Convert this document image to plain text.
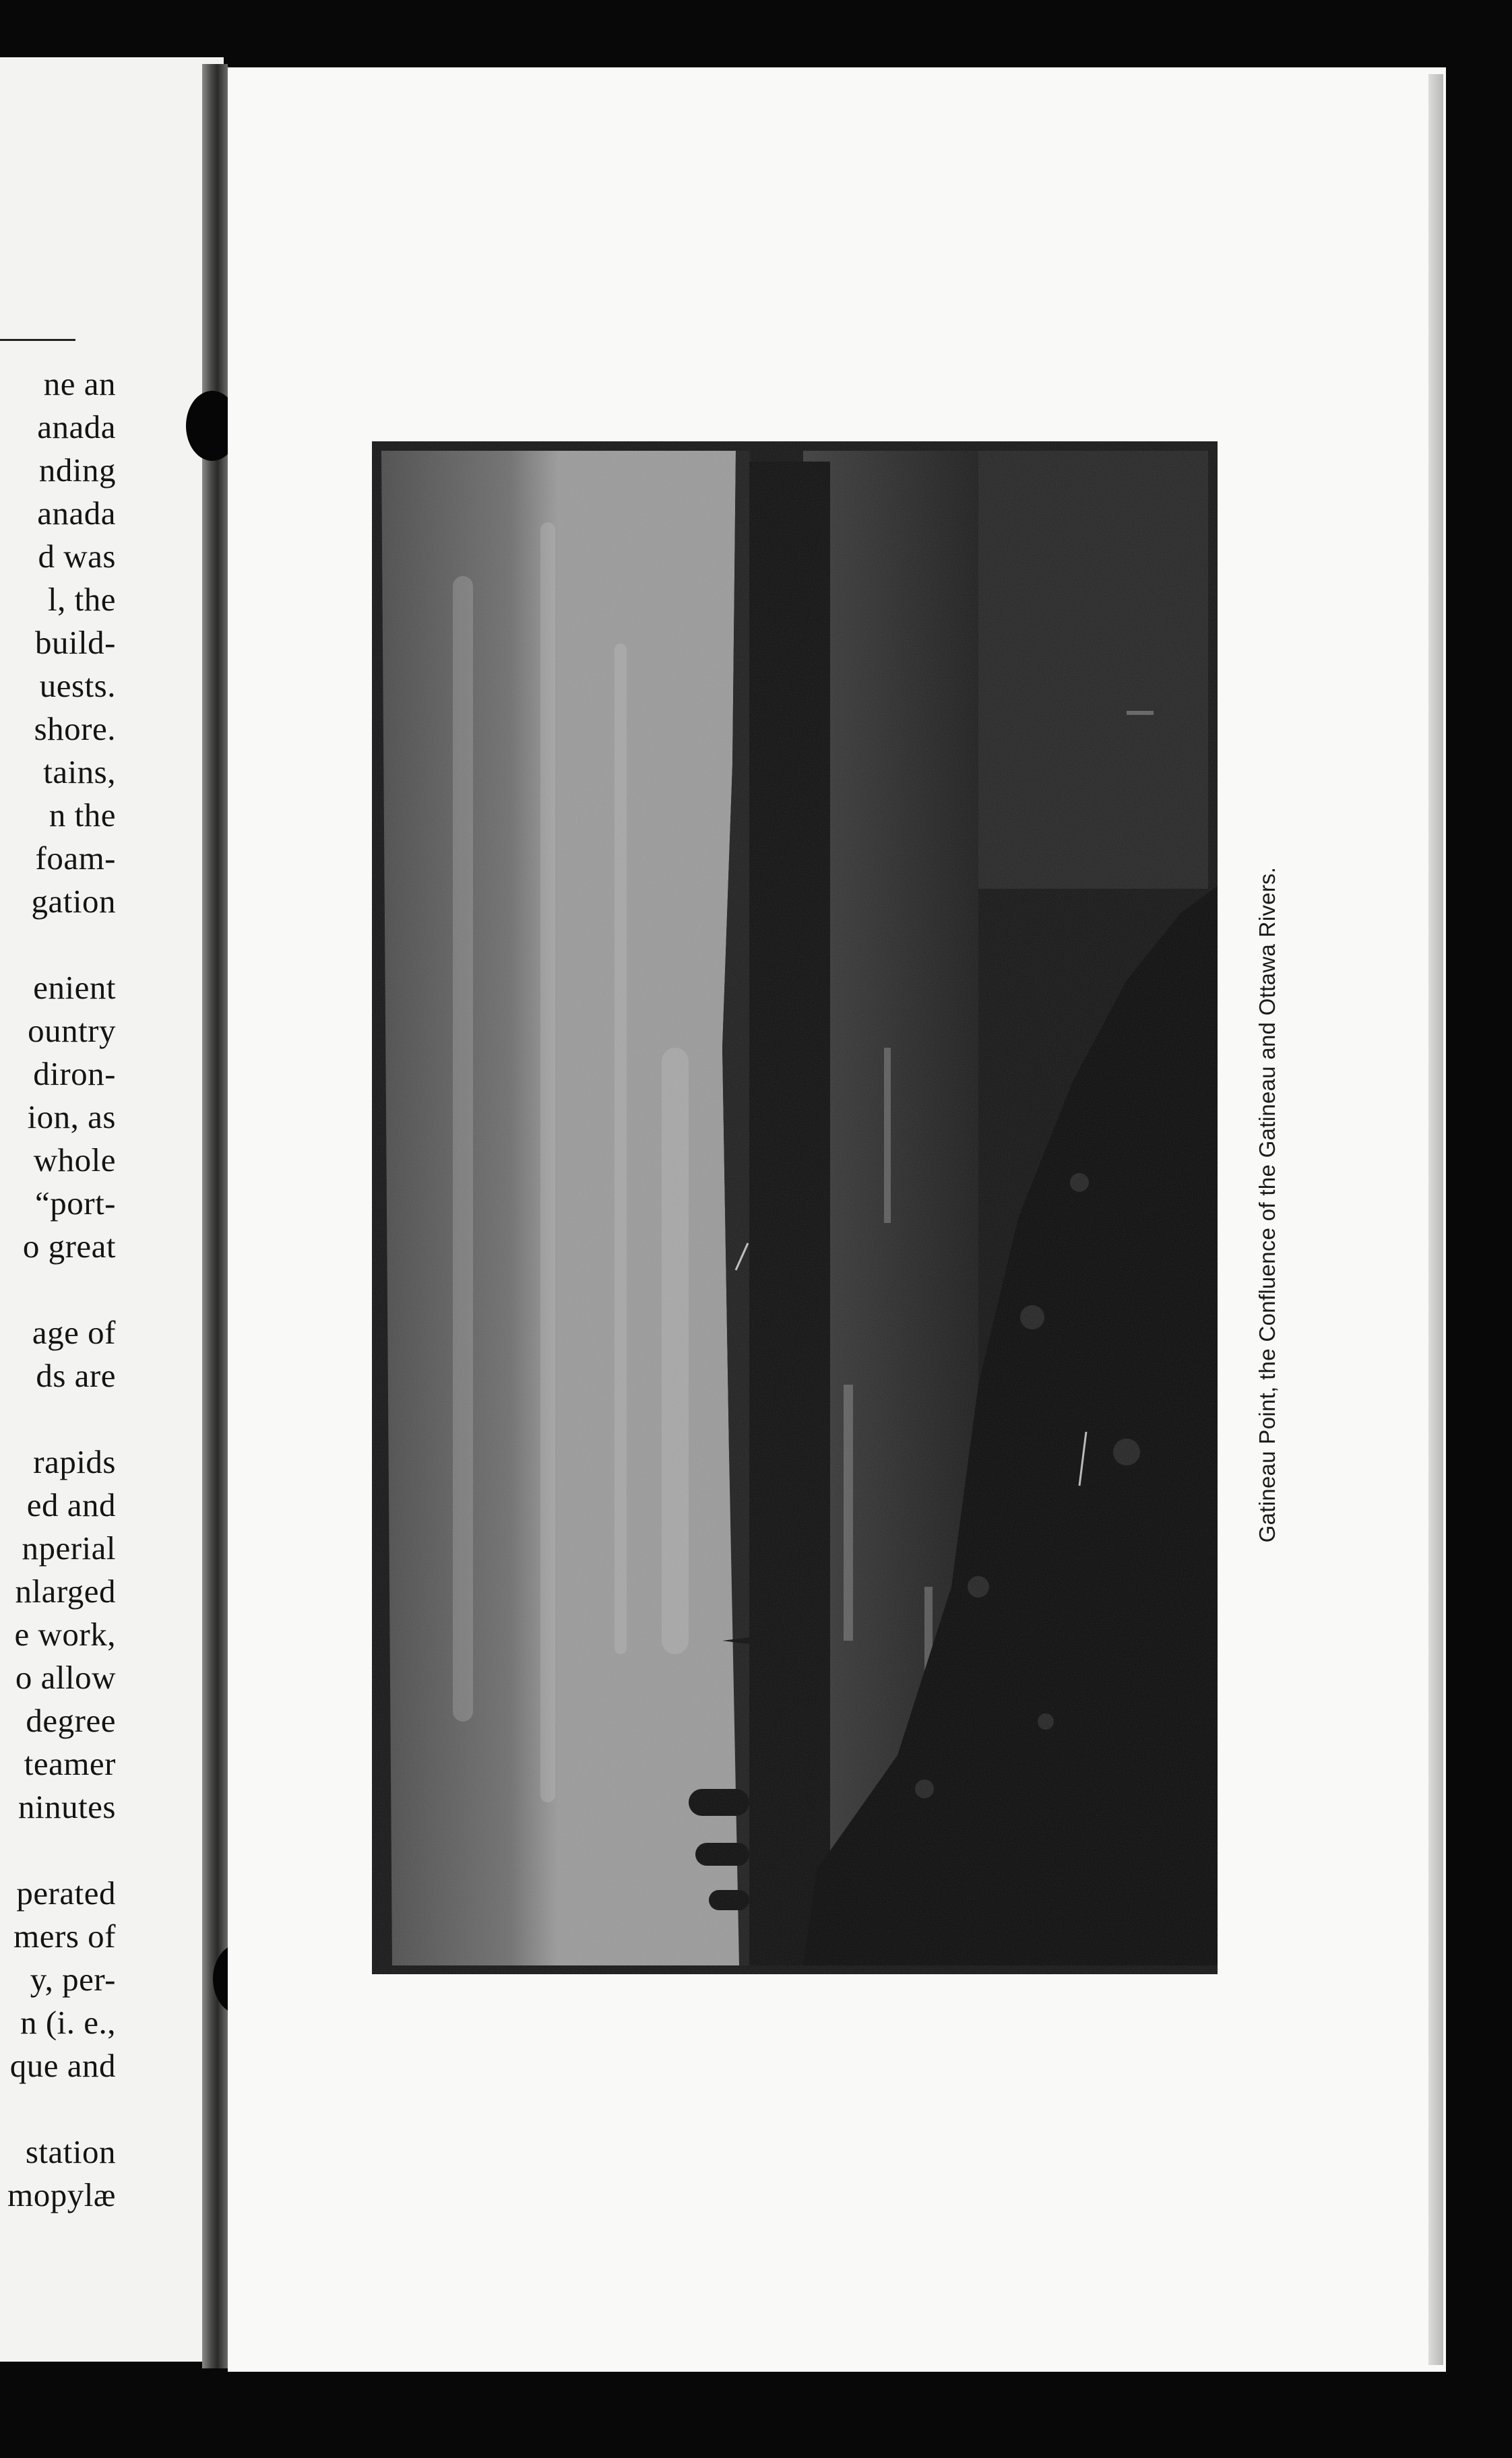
ne an
anada
nding
anada
d was
l, the
build-
uests.
shore.
tains,
n the
foam-
gation
enient
ountry
diron-
ion, as
whole
“port-
o great
age of
ds are
rapids
ed and
nperial
nlarged
e work,
o allow
degree
teamer
ninutes
perated
mers of
y, per-
n (i. e.,
que and
station
mopylæ
Gatineau Point, the Confluence of the Gatineau and Ottawa Rivers.
